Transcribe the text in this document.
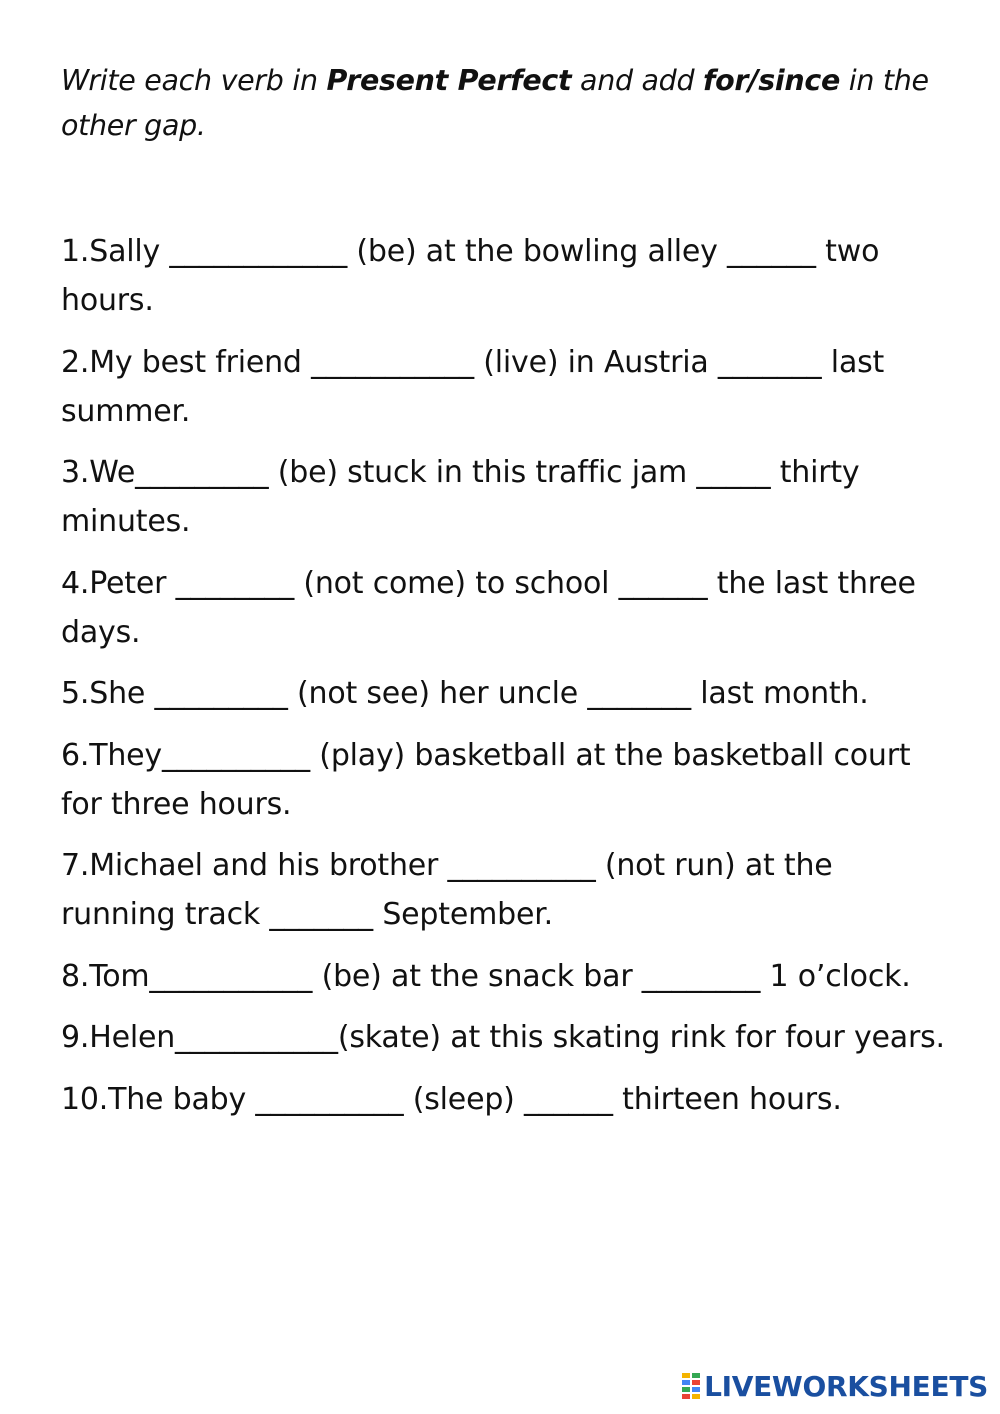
Write each verb in Present Perfect and add for/since in the other gap.
1.Sally ____________ (be) at the bowling alley ______ two hours.
2.My best friend ___________ (live) in Austria _______ last summer.
3.We_________ (be) stuck in this traffic jam _____ thirty minutes.
4.Peter ________ (not come) to school ______ the last three days.
5.She _________ (not see) her uncle _______ last month.
6.They__________ (play) basketball at the basketball court for three hours.
7.Michael and his brother __________ (not run) at the running track _______ September.
8.Tom___________ (be) at the snack bar ________ 1 o’clock.
9.Helen___________(skate) at this skating rink for four years.
10.The baby __________ (sleep) ______ thirteen hours.
LIVEWORKSHEETS
